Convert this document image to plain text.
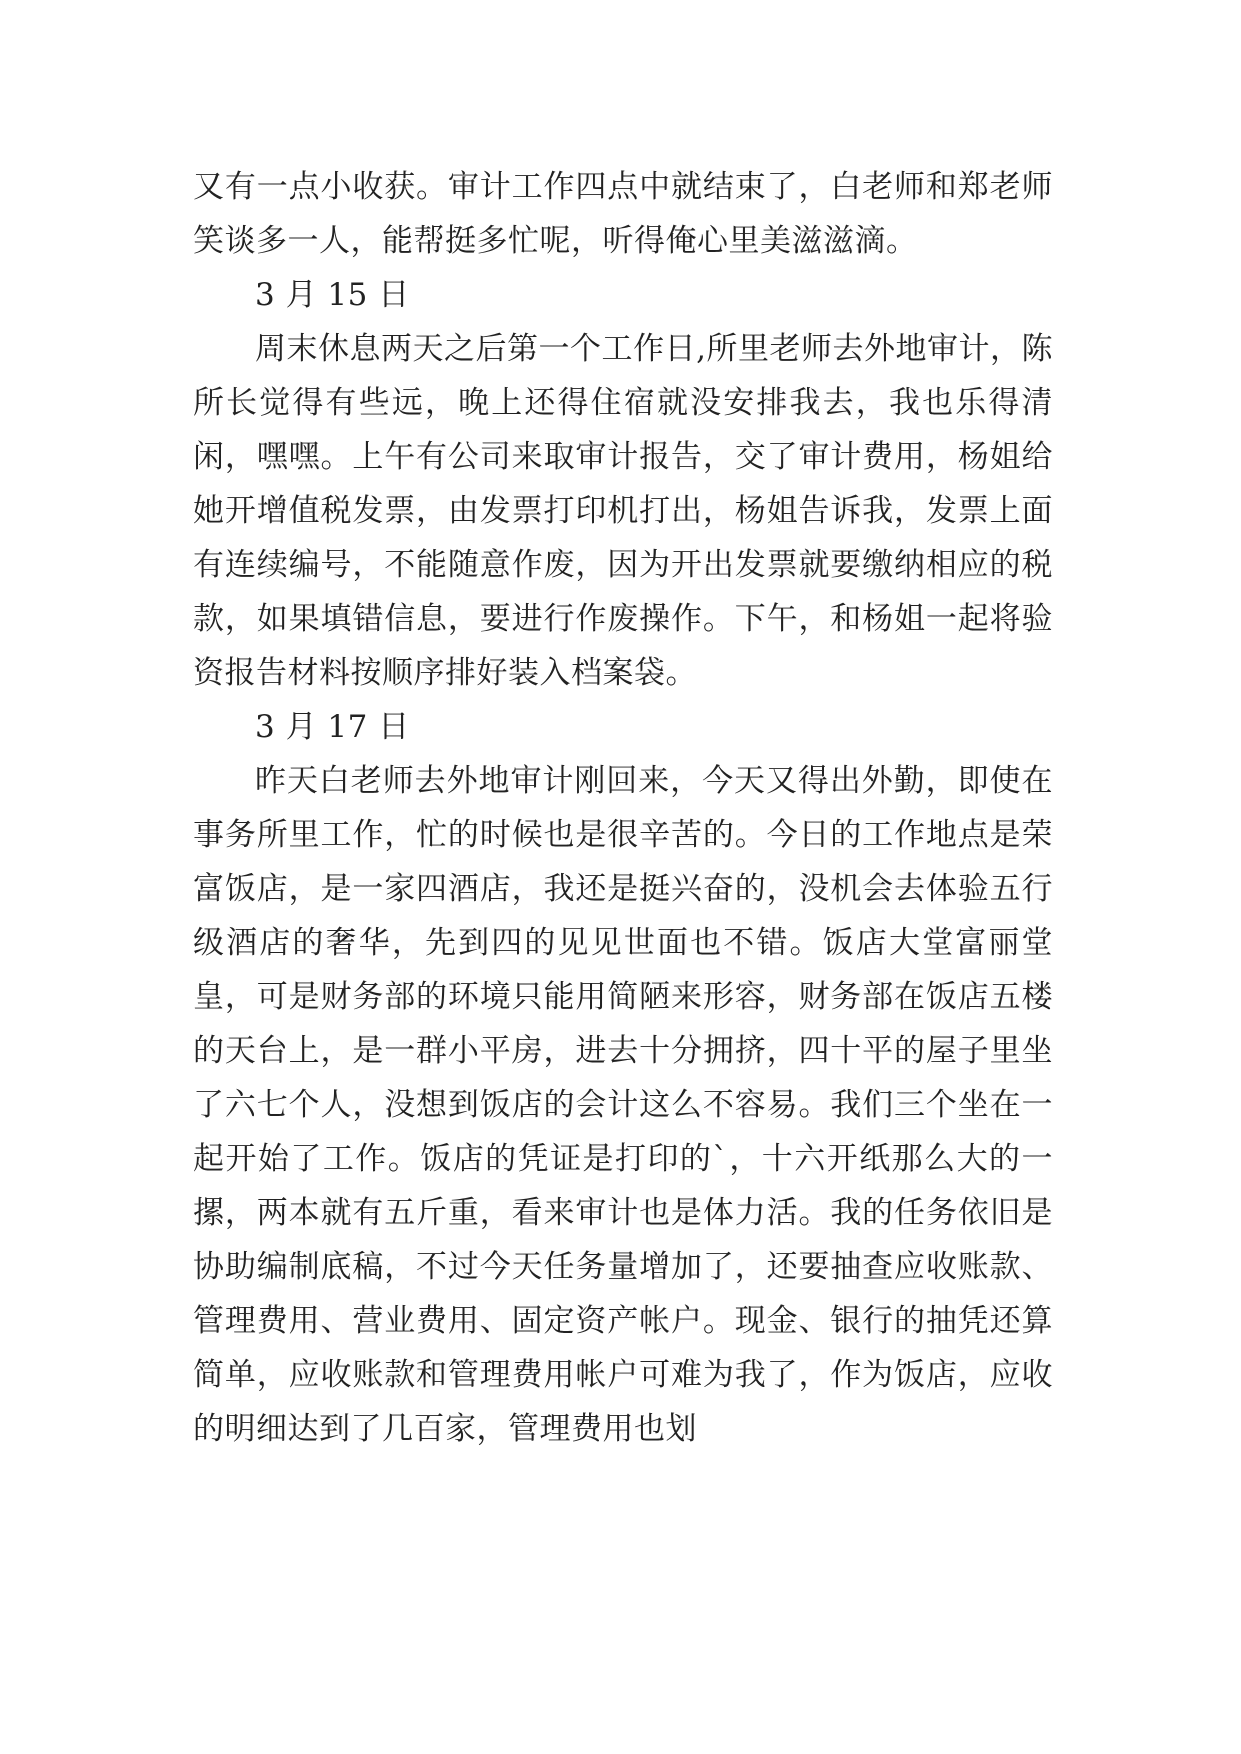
又有一点小收获。审计工作四点中就结束了，白老师和郑老师笑谈多一人，能帮挺多忙呢，听得俺心里美滋滋滴。

3 月 15 日

周末休息两天之后第一个工作日,所里老师去外地审计，陈所长觉得有些远，晚上还得住宿就没安排我去，我也乐得清闲，嘿嘿。上午有公司来取审计报告，交了审计费用，杨姐给她开增值税发票，由发票打印机打出，杨姐告诉我，发票上面有连续编号，不能随意作废，因为开出发票就要缴纳相应的税款，如果填错信息，要进行作废操作。下午，和杨姐一起将验资报告材料按顺序排好装入档案袋。

3 月 17 日

昨天白老师去外地审计刚回来，今天又得出外勤，即使在事务所里工作，忙的时候也是很辛苦的。今日的工作地点是荣富饭店，是一家四酒店，我还是挺兴奋的，没机会去体验五行级酒店的奢华，先到四的见见世面也不错。饭店大堂富丽堂皇，可是财务部的环境只能用简陋来形容，财务部在饭店五楼的天台上，是一群小平房，进去十分拥挤，四十平的屋子里坐了六七个人，没想到饭店的会计这么不容易。我们三个坐在一起开始了工作。饭店的凭证是打印的`，十六开纸那么大的一摞，两本就有五斤重，看来审计也是体力活。我的任务依旧是协助编制底稿，不过今天任务量增加了，还要抽查应收账款、管理费用、营业费用、固定资产帐户。现金、银行的抽凭还算简单，应收账款和管理费用帐户可难为我了，作为饭店，应收的明细达到了几百家，管理费用也划
